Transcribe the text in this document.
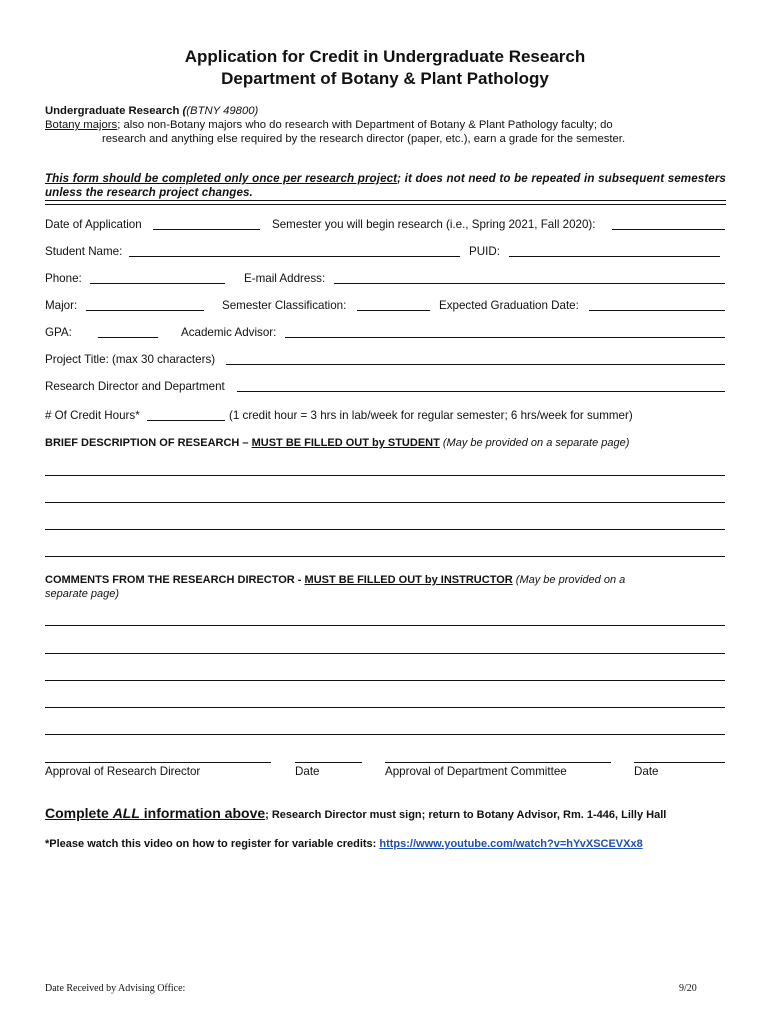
Application for Credit in Undergraduate Research
Department of Botany & Plant Pathology
Undergraduate Research ((BTNY 49800)
Botany majors; also non-Botany majors who do research with Department of Botany & Plant Pathology faculty; do
research and anything else required by the research director (paper, etc.), earn a grade for the semester.
This form should be completed only once per research project; it does not need to be repeated in subsequent semesters unless the research project changes.
Date of Application	Semester you will begin research (i.e., Spring 2021, Fall 2020):
Student Name:	PUID:
Phone:	E-mail Address:
Major:	Semester Classification:	Expected Graduation Date:
GPA:	Academic Advisor:
Project Title: (max 30 characters)
Research Director and Department
# Of Credit Hours*	(1 credit hour = 3 hrs in lab/week for regular semester; 6 hrs/week for summer)
BRIEF DESCRIPTION OF RESEARCH – MUST BE FILLED OUT by STUDENT (May be provided on a separate page)
COMMENTS FROM THE RESEARCH DIRECTOR - MUST BE FILLED OUT by INSTRUCTOR (May be provided on a
separate page)
Approval of Research Director	Date	Approval of Department Committee	Date
Complete ALL information above; Research Director must sign; return to Botany Advisor, Rm. 1-446, Lilly Hall
*Please watch this video on how to register for variable credits: https://www.youtube.com/watch?v=hYvXSCEVXx8
Date Received by Advising Office:	9/20
